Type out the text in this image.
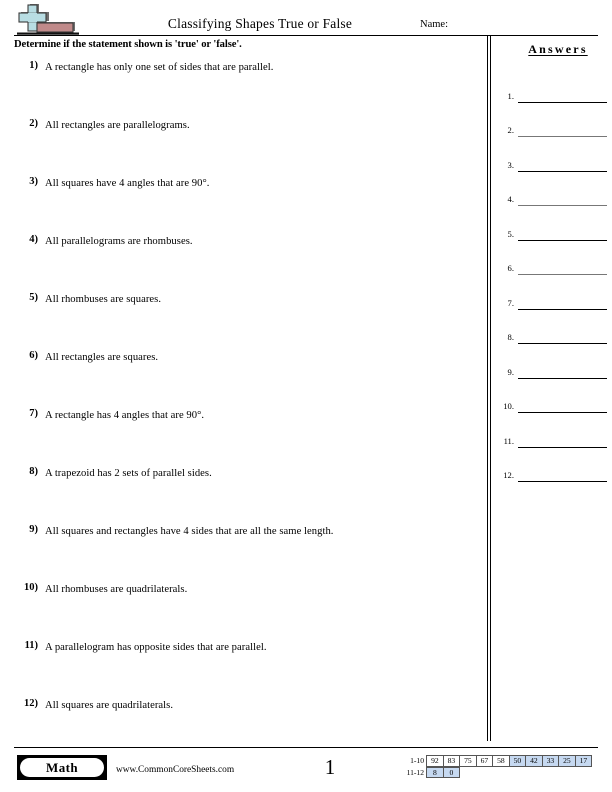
Classifying Shapes True or False	Name:
Determine if the statement shown is 'true' or 'false'.
1) A rectangle has only one set of sides that are parallel.
2) All rectangles are parallelograms.
3) All squares have 4 angles that are 90°.
4) All parallelograms are rhombuses.
5) All rhombuses are squares.
6) All rectangles are squares.
7) A rectangle has 4 angles that are 90°.
8) A trapezoid has 2 sets of parallel sides.
9) All squares and rectangles have 4 sides that are all the same length.
10) All rhombuses are quadrilaterals.
11) A parallelogram has opposite sides that are parallel.
12) All squares are quadrilaterals.
Answers
1.
2.
3.
4.
5.
6.
7.
8.
9.
10.
11.
12.
Math	www.CommonCoreSheets.com	1	1-10 92	83	75	67	58	50	42	33	25	17
11-12	8	0
